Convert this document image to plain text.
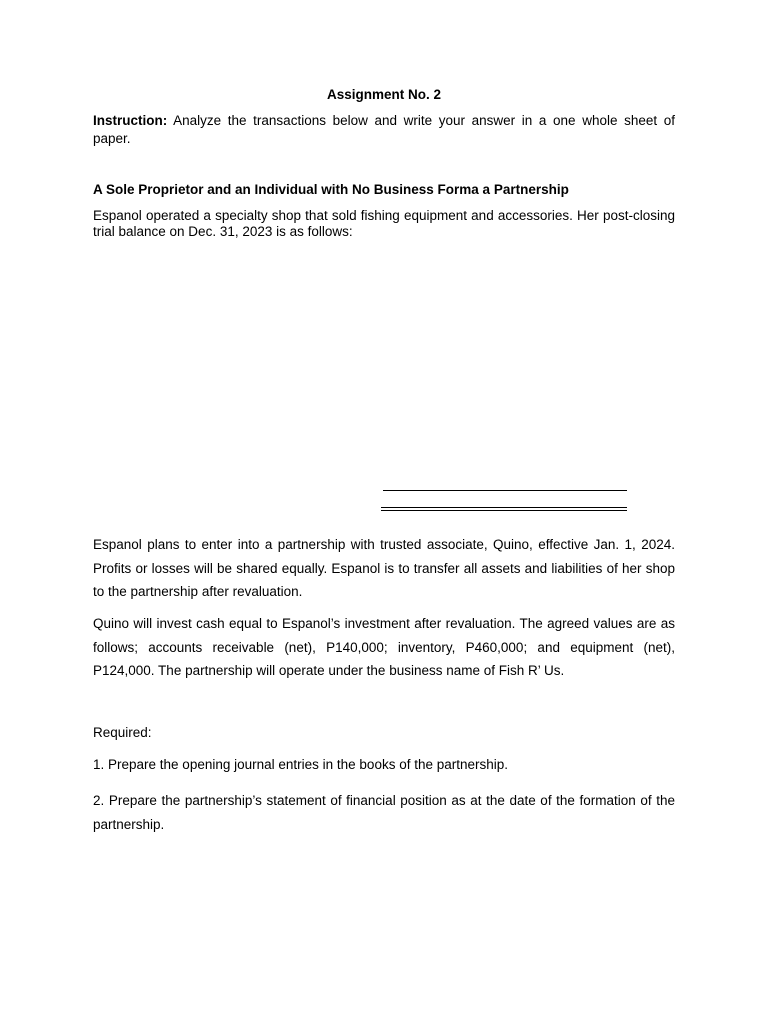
Assignment No. 2
Instruction: Analyze the transactions below and write your answer in a one whole sheet of paper.
A Sole Proprietor and an Individual with No Business Forma a Partnership
Espanol operated a specialty shop that sold fishing equipment and accessories. Her post-closing trial balance on Dec. 31, 2023 is as follows:
Espanol plans to enter into a partnership with trusted associate, Quino, effective Jan. 1, 2024. Profits or losses will be shared equally. Espanol is to transfer all assets and liabilities of her shop to the partnership after revaluation.
Quino will invest cash equal to Espanol’s investment after revaluation. The agreed values are as follows; accounts receivable (net), P140,000; inventory, P460,000; and equipment (net), P124,000. The partnership will operate under the business name of Fish R’ Us.
Required:
1. Prepare the opening journal entries in the books of the partnership.
2. Prepare the partnership’s statement of financial position as at the date of the formation of the partnership.
